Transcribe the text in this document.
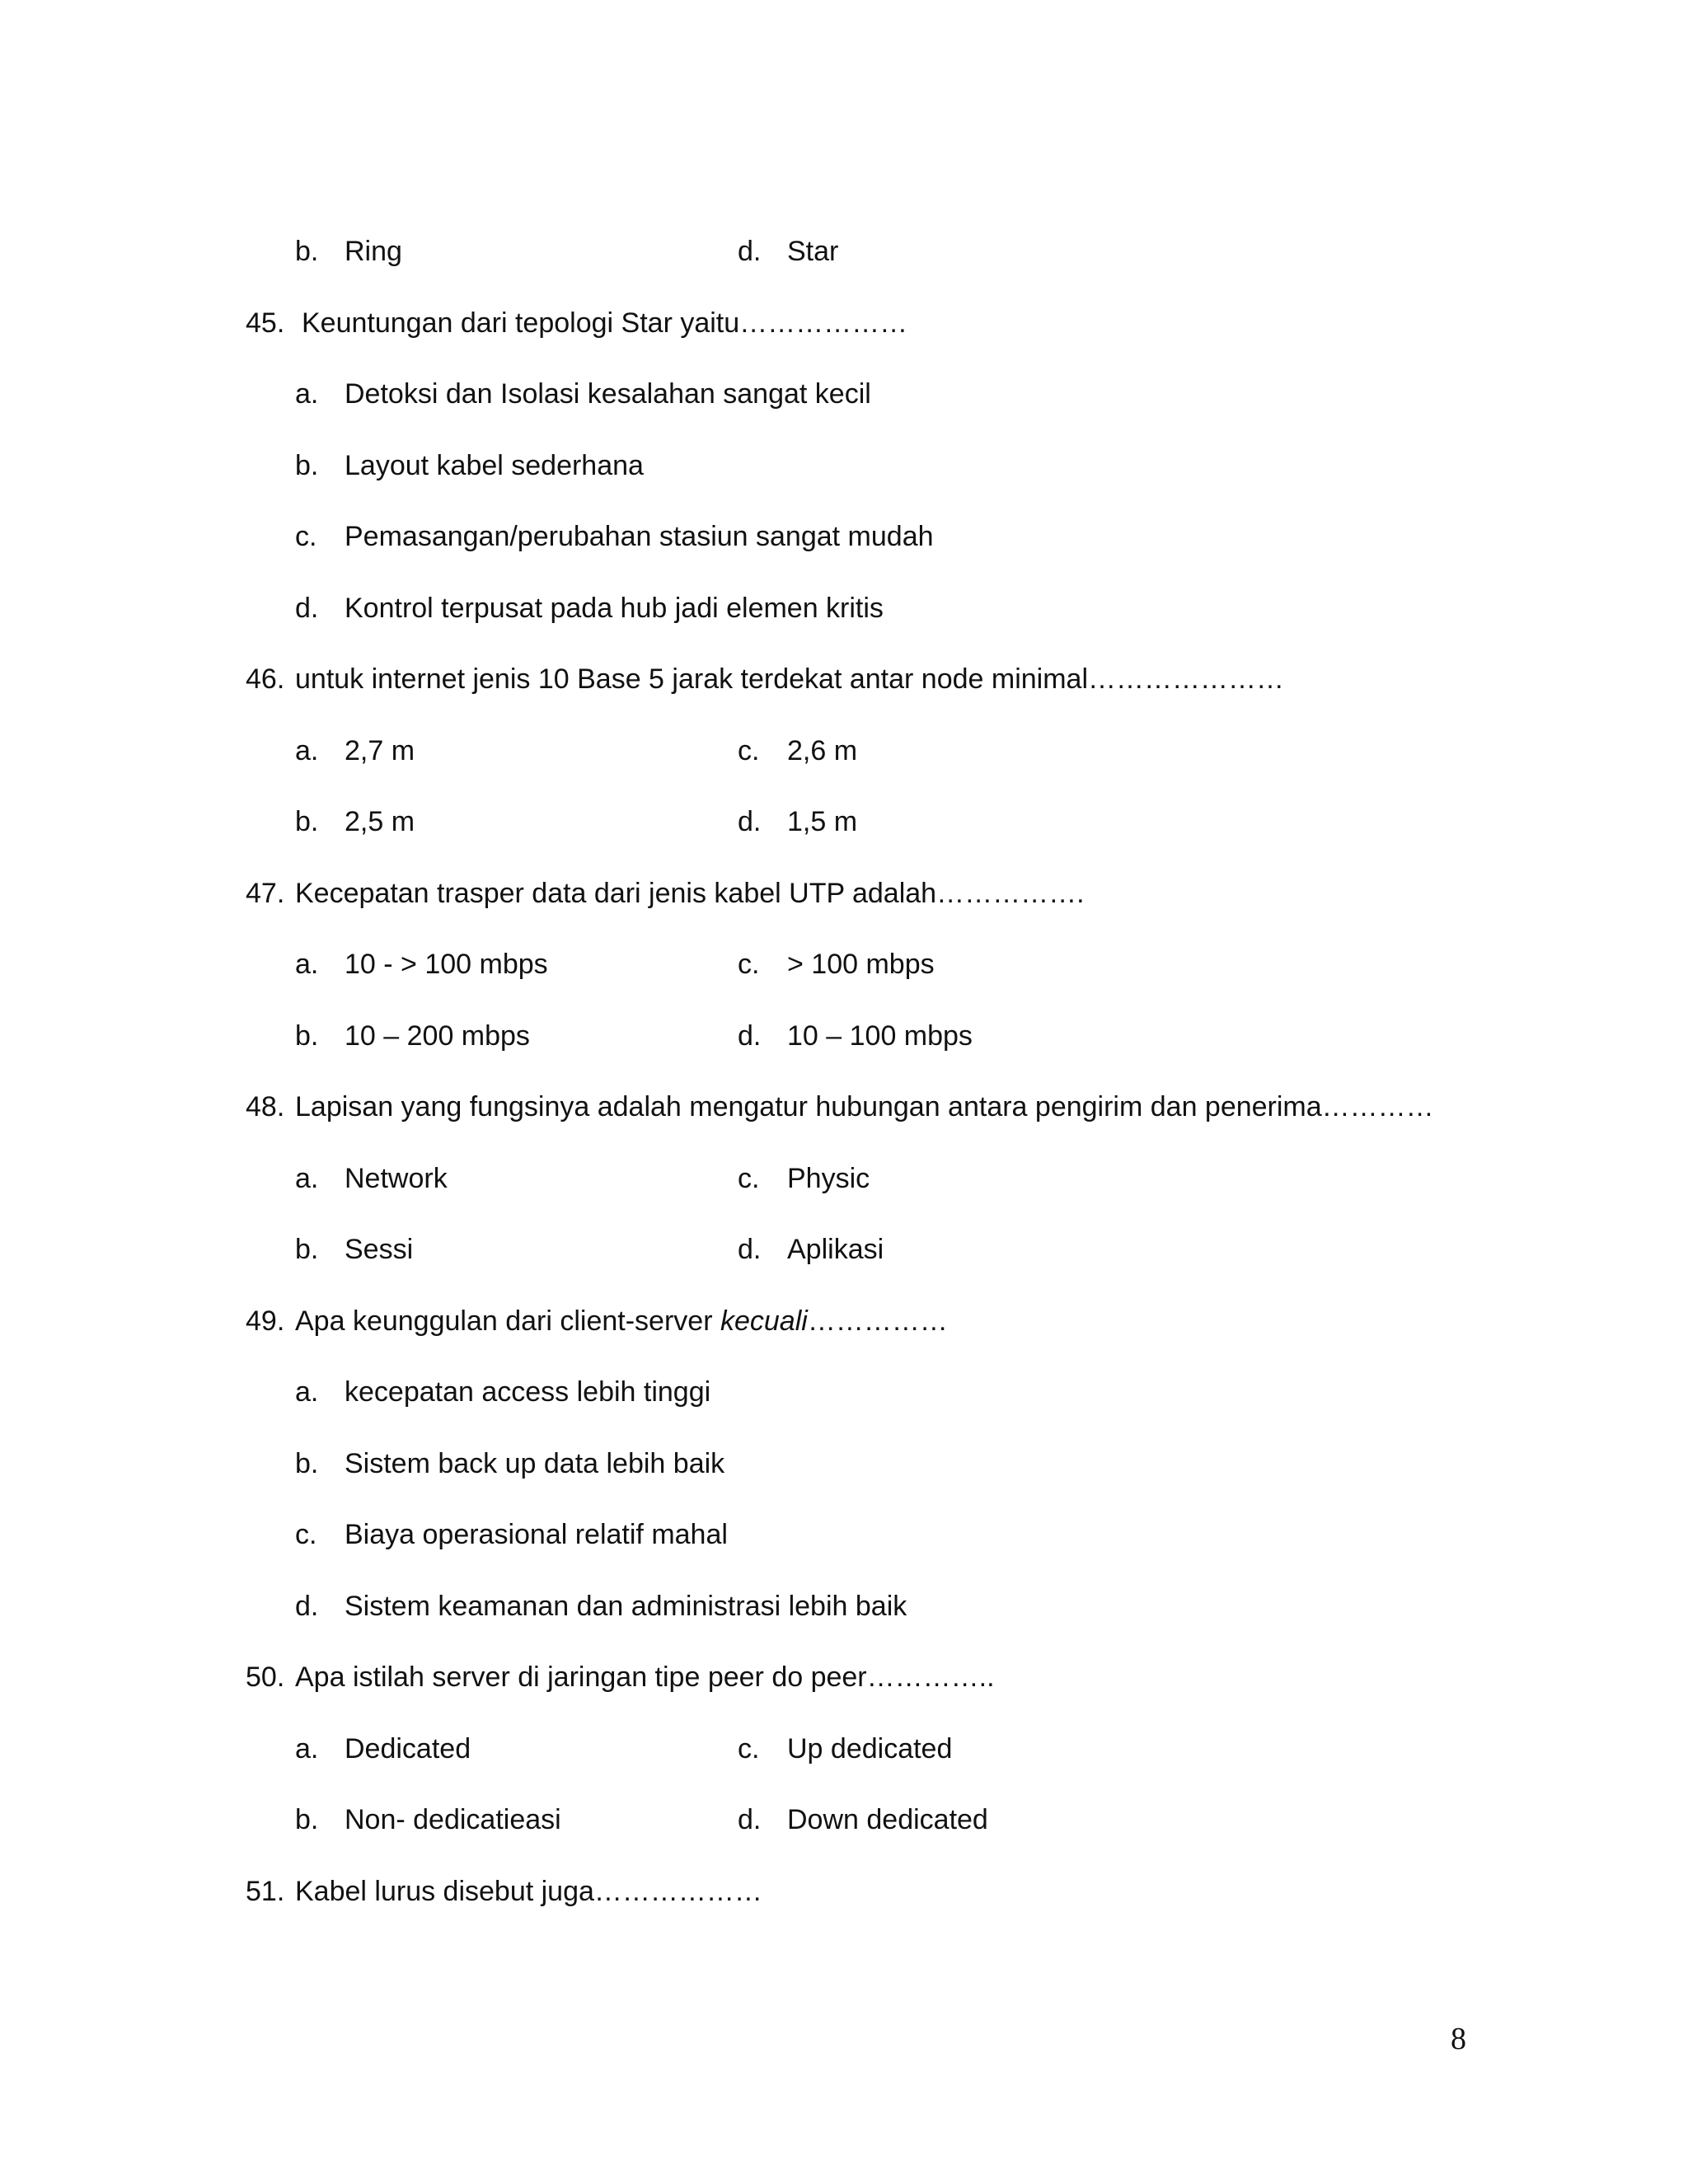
b. Ring	d. Star
45. Keuntungan dari tepologi Star yaitu………………
a. Detoksi dan Isolasi kesalahan sangat kecil
b. Layout kabel sederhana
c. Pemasangan/perubahan stasiun sangat mudah
d. Kontrol terpusat pada hub jadi elemen kritis
46. untuk internet jenis 10 Base 5 jarak terdekat antar node minimal…………………
a. 2,7 m	c. 2,6 m
b. 2,5 m	d. 1,5 m
47. Kecepatan trasper data dari jenis kabel UTP adalah…………….
a. 10 - > 100 mbps	c. > 100 mbps
b. 10 – 200 mbps	d. 10 – 100 mbps
48. Lapisan yang fungsinya adalah mengatur hubungan antara pengirim dan penerima…………
a. Network	c. Physic
b. Sessi	d. Aplikasi
49. Apa keunggulan dari client-server kecuali……………
a. kecepatan access lebih tinggi
b. Sistem back up data lebih baik
c. Biaya operasional relatif mahal
d. Sistem keamanan dan administrasi lebih baik
50. Apa istilah server di jaringan tipe peer do peer…………..
a. Dedicated	c. Up dedicated
b. Non- dedicatieasi	d. Down dedicated
51. Kabel lurus disebut juga………………
8
